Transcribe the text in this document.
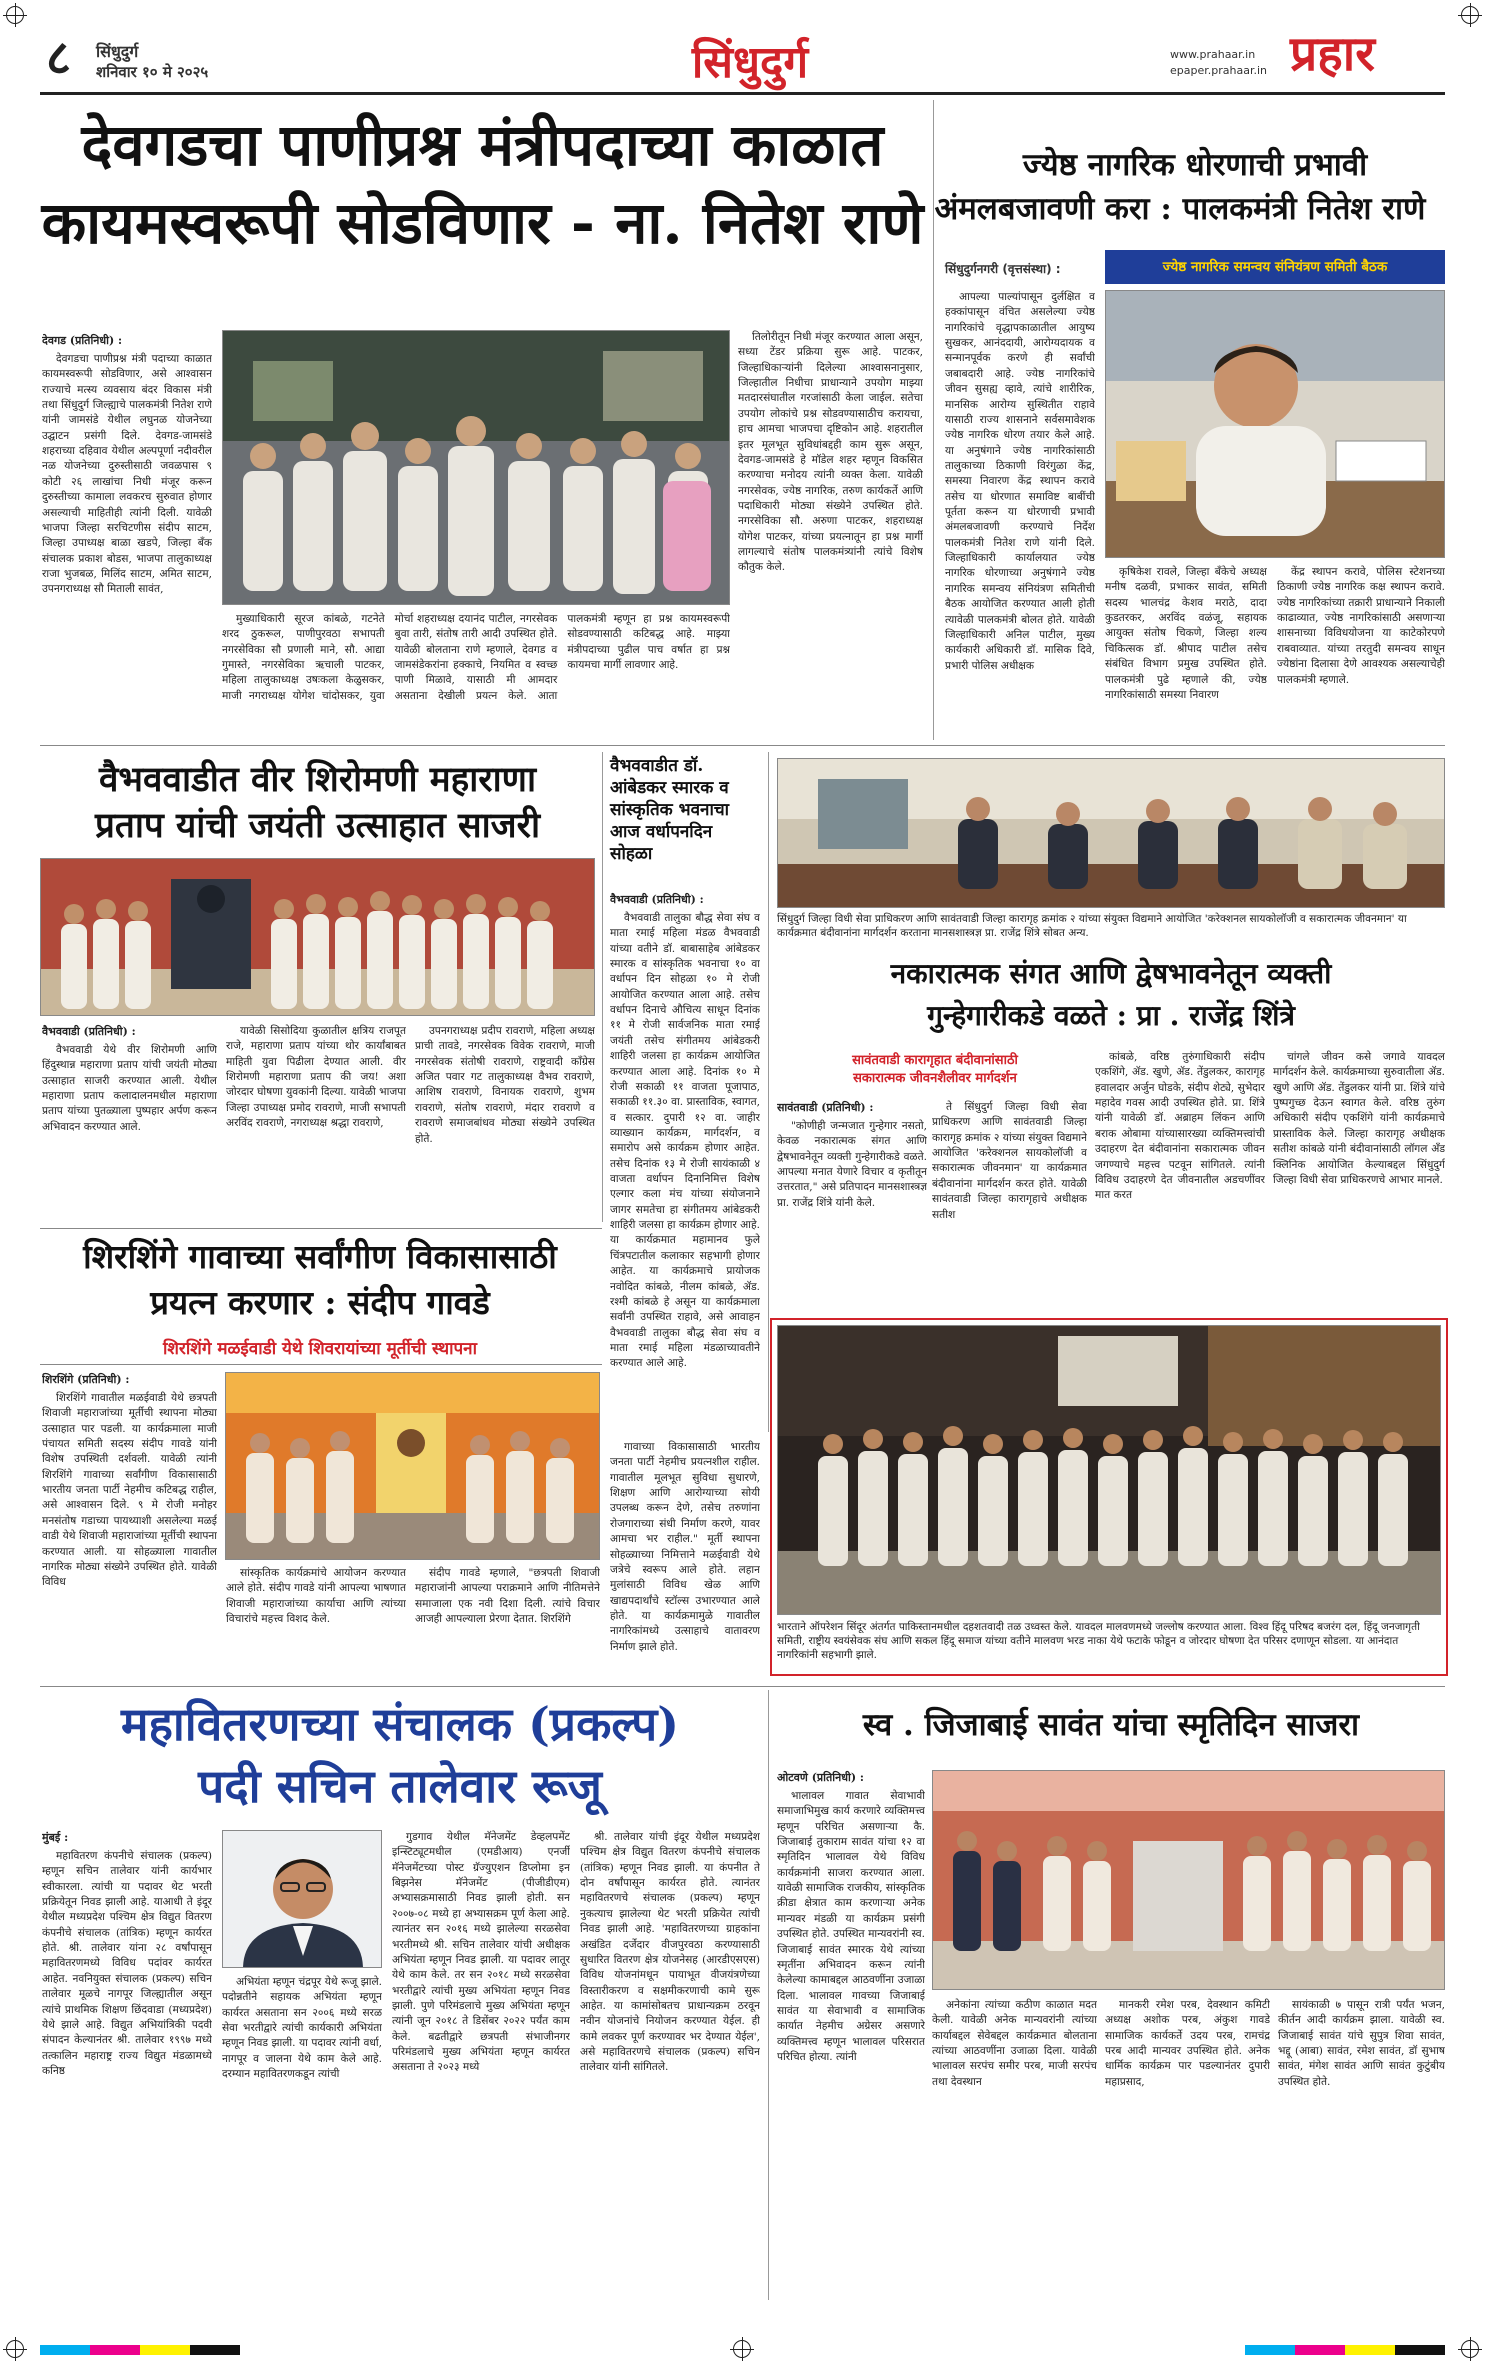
८ सिंधुदुर्ग
शनिवार १० मे २०२५	सिंधुदुर्ग	www.prahaar.in
epaper.prahaar.in प्रहार
देवगडचा पाणीप्रश्न मंत्रीपदाच्या काळात
कायमस्वरूपी सोडविणार - ना. नितेश राणे
देवगड (प्रतिनिधी) :

देवगडचा पाणीप्रश्न मंत्री पदाच्या काळात कायमस्वरूपी सोडविणार, असे आश्वासन राज्याचे मत्स्य व्यवसाय बंदर विकास मंत्री तथा सिंधुदुर्ग जिल्ह्याचे पालकमंत्री नितेश राणे यांनी जामसंडे येथील लघुनळ योजनेच्या उद्घाटन प्रसंगी दिले. देवगड-जामसंडे शहराच्या दहिवाव येथील अल्पपूर्णा नदीवरील नळ योजनेच्या दुरुस्तीसाठी जवळपास ९ कोटी २६ लाखांचा निधी मंजूर करून दुरुस्तीच्या कामाला लवकरच सुरुवात होणार असल्याची माहितीही त्यांनी दिली. यावेळी भाजपा जिल्हा सरचिटणीस संदीप साटम, जिल्हा उपाध्यक्ष बाळा खडपे, जिल्हा बँक संचालक प्रकाश बोडस, भाजपा तालुकाध्यक्ष राजा भुजबळ, मिलिंद साटम, अमित साटम, उपनगराध्यक्ष सौ मिताली सावंत,

मुख्याधिकारी सूरज कांबळे, गटनेते शरद ठुकरूल, पाणीपुरवठा सभापती नगरसेविका सौ प्रणाली माने, सौ. आद्या गुमास्ते, नगरसेविका ऋचाली पाटकर, महिला तालुकाध्यक्ष उषःकला केळुसकर, माजी नगराध्यक्ष योगेश चांदोसकर, युवा मोर्चा शहराध्यक्ष दयानंद पाटील, नगरसेवक बुवा तारी, संतोष तारी आदी उपस्थित होते. यावेळी बोलताना राणे म्हणाले, देवगड व जामसंडेकरांना हक्काचे, नियमित व स्वच्छ पाणी मिळावे, यासाठी मी आमदार असताना देखीली प्रयत्न केले. आता पालकमंत्री म्हणून हा प्रश्न कायमस्वरूपी सोडवण्यासाठी कटिबद्ध आहे. माझ्या मंत्रीपदाच्या पुढील पाच वर्षात हा प्रश्न कायमचा मार्गी लावणार आहे.

तिलोरीतून निधी मंजूर करण्यात आला असून, सध्या टेंडर प्रक्रिया सुरू आहे. पाटकर, जिल्हाधिकाऱ्यांनी दिलेल्या आश्वासनानुसार, जिल्हातील निधीचा प्राधान्याने उपयोग माझ्या मतदारसंघातील गरजांसाठी केला जाईल. सतेचा उपयोग लोकांचे प्रश्न सोडवण्यासाठीच करायचा, हाच आमचा भाजपचा दृष्टिकोन आहे. शहरातील इतर मूलभूत सुविधांबद्दही काम सुरू असून, देवगड-जामसंडे हे मॉडेल शहर म्हणून विकसित करण्याचा मनोदय त्यांनी व्यक्त केला. यावेळी नगरसेवक, ज्येष्ठ नागरिक, तरुण कार्यकर्ते आणि पदाधिकारी मोठ्या संख्येने उपस्थित होते. नगरसेविका सौ. अरुणा पाटकर, शहराध्यक्ष योगेश पाटकर, यांच्या प्रयत्नातून हा प्रश्न मार्गी लागल्याचे संतोष पालकमंत्र्यांनी त्यांचे विशेष कौतुक केले.

ज्येष्ठ नागरिक धोरणाची प्रभावी
अंमलबजावणी करा : पालकमंत्री नितेश राणे
सिंधुदुर्गनगरी (वृत्तसंस्था) :	ज्येष्ठ नागरिक समन्वय संनियंत्रण समिती बैठक

आपल्या पाल्यांपासून दुर्लक्षित व हक्कांपासून वंचित असलेल्या ज्येष्ठ नागरिकांचे वृद्धापकाळातील आयुष्य सुखकर, आनंददायी, आरोग्यदायक व सन्मानपूर्वक करणे ही सर्वांची जबाबदारी आहे. ज्येष्ठ नागरिकांचे जीवन सुसह्य व्हावे, त्यांचे शारीरिक, मानसिक आरोग्य सुस्थितीत राहावे यासाठी राज्य शासनाने सर्वसमावेशक ज्येष्ठ नागरिक धोरण तयार केले आहे. या अनुषंगाने ज्येष्ठ नागरिकांसाठी तालुकाच्या ठिकाणी विरंगुळा केंद्र, समस्या निवारण केंद्र स्थापन करावे तसेच या धोरणात समाविष्ट बाबींची पूर्तता करून या धोरणाची प्रभावी अंमलबजावणी करण्याचे निर्देश पालकमंत्री नितेश राणे यांनी दिले. जिल्हाधिकारी कार्यालयात ज्येष्ठ नागरिक धोरणाच्या अनुषंगाने ज्येष्ठ नागरिक समन्वय संनियंत्रण समितीची बैठक आयोजित करण्यात आली होती त्यावेळी पालकमंत्री बोलत होते. यावेळी जिल्हाधिकारी अनिल पाटील, मुख्य कार्यकारी अधिकारी डॉ. मासिक दिवे, प्रभारी पोलिस अधीक्षक

कृषिकेश रावले, जिल्हा बँकेचे अध्यक्ष मनीष दळवी, प्रभाकर सावंत, समिती सदस्य भालचंद्र केशव मराठे, दादा कुडतरकर, अरविंद वळंजू, सहायक आयुक्त संतोष चिकणे, जिल्हा शल्य चिकित्सक डॉ. श्रीपाद पाटील तसेच संबंधित विभाग प्रमुख उपस्थित होते. पालकमंत्री पुढे म्हणाले की, ज्येष्ठ नागरिकांसाठी समस्या निवारण

केंद्र स्थापन करावे, पोलिस स्टेशनच्या ठिकाणी ज्येष्ठ नागरिक कक्ष स्थापन करावे. ज्येष्ठ नागरिकांच्या तक्रारी प्राधान्याने निकाली काढाव्यात, ज्येष्ठ नागरिकांसाठी असणाऱ्या शासनाच्या विविधयोजना या काटेकोरपणे राबवाव्यात. यांच्या तरतुदी समन्वय साधून ज्येष्ठांना दिलासा देणे आवश्यक असल्याचेही पालकमंत्री म्हणाले.

वैभववाडीत वीर शिरोमणी महाराणा
प्रताप यांची जयंती उत्साहात साजरी
वैभववाडी (प्रतिनिधी) :

वैभववाडी येथे वीर शिरोमणी आणि हिंदुस्थान्न महाराणा प्रताप यांची जयंती मोठ्या उत्साहात साजरी करण्यात आली. येथील महाराणा प्रताप कलादालनमधील महाराणा प्रताप यांच्या पुतळ्याला पुष्पहार अर्पण करून अभिवादन करण्यात आले.

यावेळी सिसोदिया कुळातील क्षत्रिय राजपूत राजे, महाराणा प्रताप यांच्या थोर कार्यांबाबत माहिती युवा पिढीला देण्यात आली. वीर शिरोमणी महाराणा प्रताप की जय! अशा जोरदार घोषणा युवकांनी दिल्या. यावेळी भाजपा जिल्हा उपाध्यक्ष प्रमोद रावराणे, माजी सभापती अरविंद रावराणे, नगराध्यक्ष श्रद्धा रावराणे,

उपनगराध्यक्ष प्रदीप रावराणे, महिला अध्यक्ष प्राची तावडे, नगरसेवक विवेक रावराणे, माजी नगरसेवक संतोषी रावराणे, राष्ट्रवादी काँग्रेस अजित पवार गट तालुकाध्यक्ष वैभव रावराणे, आशिष रावराणे, विनायक रावराणे, शुभम रावराणे, संतोष रावराणे, मंदार रावराणे व रावराणे समाजबांधव मोठ्या संख्येने उपस्थित होते.

वैभववाडीत डॉ. आंबेडकर स्मारक व सांस्कृतिक भवनाचा आज वर्धापनदिन सोहळा
वैभववाडी (प्रतिनिधी) :

वैभववाडी तालुका बौद्ध सेवा संघ व माता रमाई महिला मंडळ वैभववाडी यांच्या वतीने डॉ. बाबासाहेब आंबेडकर स्मारक व सांस्कृतिक भवनाचा १० वा वर्धापन दिन सोहळा १० मे रोजी आयोजित करण्यात आला आहे. तसेच वर्धापन दिनाचे औचित्य साधून दिनांक ११ मे रोजी सार्वजनिक माता रमाई जयंती तसेच संगीतमय आंबेडकरी शाहिरी जलसा हा कार्यक्रम आयोजित करण्यात आला आहे. दिनांक १० मे रोजी सकाळी ११ वाजता पूजापाठ, सकाळी ११.३० वा. प्रास्ताविक, स्वागत, व सत्कार. दुपारी १२ वा. जाहीर व्याख्यान कार्यक्रम, मार्गदर्शन, व समारोप असे कार्यक्रम होणार आहेत. तसेच दिनांक १३ मे रोजी सायंकाळी ४ वाजता वर्धापन दिनानिमित्त विशेष एल्गार कला मंच यांच्या संयोजनाने जागर समतेचा हा संगीतमय आंबेडकरी शाहिरी जलसा हा कार्यक्रम होणार आहे. या कार्यक्रमात महामानव फुले चिंत्रपटातील कलाकार सहभागी होणार आहेत. या कार्यक्रमाचे प्रायोजक नवोदित कांबळे, नीलम कांबळे, ॲड. रश्मी कांबळे हे असून या कार्यक्रमाला सर्वांनी उपस्थित राहावे, असे आवाहन वैभववाडी तालुका बौद्ध सेवा संघ व माता रमाई महिला मंडळाच्यावतीने करण्यात आले आहे.

सिंधुदुर्ग जिल्हा विधी सेवा प्राधिकरण आणि सावंतवाडी जिल्हा कारागृह क्रमांक २ यांच्या संयुक्त विद्यमाने आयोजित 'करेक्शनल सायकोलॉजी व सकारात्मक जीवनमान' या कार्यक्रमात बंदीवानांना मार्गदर्शन करताना मानसशास्त्रज्ञ प्रा. राजेंद्र शिंत्रे सोबत अन्य.
नकारात्मक संगत आणि द्वेषभावनेतून व्यक्ती
गुन्हेगारीकडे वळते : प्रा . राजेंद्र शिंत्रे
सावंतवाडी कारागृहात बंदीवानांसाठी
सकारात्मक जीवनशैलीवर मार्गदर्शन
सावंतवाडी (प्रतिनिधी) :

"कोणीही जन्मजात गुन्हेगार नसतो, केवळ नकारात्मक संगत आणि द्वेषभावनेतून व्यक्ती गुन्हेगारीकडे वळते. आपल्या मनात येणारे विचार व कृतीतून उत्तरतात," असे प्रतिपादन मानसशास्त्रज्ञ प्रा. राजेंद्र शिंत्रे यांनी केले.

ते सिंधुदुर्ग जिल्हा विधी सेवा प्राधिकरण आणि सावंतवाडी जिल्हा कारागृह क्रमांक २ यांच्या संयुक्त विद्यमाने आयोजित 'करेक्शनल सायकोलॉजी व सकारात्मक जीवनमान' या कार्यक्रमात बंदीवानांना मार्गदर्शन करत होते. यावेळी सावंतवाडी जिल्हा कारागृहाचे अधीक्षक सतीश

कांबळे, वरिष्ठ तुरुंगाधिकारी संदीप एकशिंगे, ॲड. खुणे, ॲड. तेंडुलकर, कारागृह हवालदार अर्जुन घोडके, संदीप शेट्ये, सुभेदार महादेव गवस आदी उपस्थित होते. प्रा. शिंत्रे यांनी यावेळी डॉ. अब्राहम लिंकन आणि बराक ओबामा यांच्यासारख्या व्यक्तिमत्त्वांची उदाहरण देत बंदीवानांना सकारात्मक जीवन जगण्याचे महत्त्व पटवून सांगितले. त्यांनी विविध उदाहरणे देत जीवनातील अडचणींवर मात करत

चांगले जीवन कसे जगावे यावदल मार्गदर्शन केले. कार्यक्रमाच्या सुरुवातीला ॲड. खुणे आणि ॲड. तेंडुलकर यांनी प्रा. शिंत्रे यांचे पुष्पगुच्छ देऊन स्वागत केले. वरिष्ठ तुरुंग अधिकारी संदीप एकशिंगे यांनी कार्यक्रमाचे प्रास्ताविक केले. जिल्हा कारागृह अधीक्षक सतीश कांबळे यांनी बंदीवानांसाठी लॉगल अँड क्लिनिक आयोजित केल्याबद्दल सिंधुदुर्ग जिल्हा विधी सेवा प्राधिकरणचे आभार मानले.

शिरशिंगे गावाच्या सर्वांगीण विकासासाठी
प्रयत्न करणार : संदीप गावडे
शिरशिंगे मळईवाडी येथे शिवरायांच्या मूर्तीची स्थापना
शिरशिंगे (प्रतिनिधी) :

शिरशिंगे गावातील मळईवाडी येथे छत्रपती शिवाजी महाराजांच्या मूर्तीची स्थापना मोठ्या उत्साहात पार पडली. या कार्यक्रमाला माजी पंचायत समिती सदस्य संदीप गावडे यांनी विशेष उपस्थिती दर्शवली. यावेळी त्यांनी शिरशिंगे गावाच्या सर्वांगीण विकासासाठी भारतीय जनता पार्टी नेहमीच कटिबद्ध राहील, असे आश्वासन दिले. ९ मे रोजी मनोहर मनसंतोष गडाच्या पायथ्याशी असलेल्या मळई वाडी येथे शिवाजी महाराजांच्या मूर्तीची स्थापना करण्यात आली. या सोहळ्याला गावातील नागरिक मोठ्या संख्येने उपस्थित होते. यावेळी विविध

सांस्कृतिक कार्यक्रमांचे आयोजन करण्यात आले होते. संदीप गावडे यांनी आपल्या भाषणात शिवाजी महाराजांच्या कार्याचा आणि त्यांच्या विचारांचे महत्त्व विशद केले.

संदीप गावडे म्हणाले, "छत्रपती शिवाजी महाराजांनी आपल्या पराक्रमाने आणि नीतिमत्तेने समाजाला एक नवी दिशा दिली. त्यांचे विचार आजही आपल्याला प्रेरणा देतात. शिरशिंगे

गावाच्या विकासासाठी भारतीय जनता पार्टी नेहमीच प्रयत्नशील राहील. गावातील मूलभूत सुविधा सुधारणे, शिक्षण आणि आरोग्याच्या सोयी उपलब्ध करून देणे, तसेच तरुणांना रोजगाराच्या संधी निर्माण करणे, यावर आमचा भर राहील." मूर्ती स्थापना सोहळ्याच्या निमित्ताने मळईवाडी येथे जत्रेचे स्वरूप आले होते. लहान मुलांसाठी विविध खेळ आणि खाद्यपदार्थांचे स्टॉल्स उभारण्यात आले होते. या कार्यक्रमामुळे गावातील नागरिकांमध्ये उत्साहाचे वातावरण निर्माण झाले होते.

भारताने ऑपरेशन सिंदूर अंतर्गत पाकिस्तानमधील दहशतवादी तळ उध्वस्त केले. यावदल मालवणमध्ये जल्लोष करण्यात आला. विश्व हिंदू परिषद बजरंग दल, हिंदू जनजागृती समिती, राष्ट्रीय स्वयंसेवक संघ आणि सकल हिंदू समाज यांच्या वतीने मालवण भरड नाका येथे फटाके फोडून व जोरदार घोषणा देत परिसर दणाणून सोडला. या आनंदात नागरिकांनी सहभागी झाले.
महावितरणच्या संचालक (प्रकल्प)
पदी सचिन तालेवार रूजू
मुंबई :

महावितरण कंपनीचे संचालक (प्रकल्प) म्हणून सचिन तालेवार यांनी कार्यभार स्वीकारला. त्यांची या पदावर थेट भरती प्रक्रियेतून निवड झाली आहे. याआधी ते इंदूर येथील मध्यप्रदेश पश्चिम क्षेत्र विद्युत वितरण कंपनीचे संचालक (तांत्रिक) म्हणून कार्यरत होते. श्री. तालेवार यांना २८ वर्षांपासून महावितरणमध्ये विविध पदांवर कार्यरत आहेत. नवनियुक्त संचालक (प्रकल्प) सचिन तालेवार मूळचे नागपूर जिल्ह्यातील असून त्यांचे प्राथमिक शिक्षण छिंदवाडा (मध्यप्रदेश) येथे झाले आहे. विद्युत अभियांत्रिकी पदवी संपादन केल्यानंतर श्री. तालेवार १९९७ मध्ये तत्कालिन महाराष्ट्र राज्य विद्युत मंडळामध्ये कनिष्ठ

अभियंता म्हणून चंद्रपूर येथे रूजू झाले. पदोन्नतीने सहायक अभियंता म्हणून कार्यरत असताना सन २००६ मध्ये सरळ सेवा भरतीद्वारे त्यांची कार्यकारी अभियंता म्हणून निवड झाली. या पदावर त्यांनी वर्धा, नागपूर व जालना येथे काम केले आहे. दरम्यान महावितरणकडून त्यांची

गुडगाव येथील मॅनेजमेंट डेव्हलपमेंट इन्स्टिट्यूटमधील (एमडीआय) एनर्जी मॅनेजमेंटच्या पोस्ट ग्रॅज्युएशन डिप्लोमा इन बिझनेस मॅनेजमेंट (पीजीडीएम) अभ्यासक्रमासाठी निवड झाली होती. सन २००७-०८ मध्ये हा अभ्यासक्रम पूर्ण केला आहे. त्यानंतर सन २०१६ मध्ये झालेल्या सरळसेवा भरतीमध्ये श्री. सचिन तालेवार यांची अधीक्षक अभियंता म्हणून निवड झाली. या पदावर लातूर येथे काम केले. तर सन २०१८ मध्ये सरळसेवा भरतीद्वारे त्यांची मुख्य अभियंता म्हणून निवड झाली. पुणे परिमंडलाचे मुख्य अभियंता म्हणून त्यांनी जून २०१८ ते डिसेंबर २०२२ पर्यंत काम केले. बढतीद्वारे छत्रपती संभाजीनगर परिमंडलाचे मुख्य अभियंता म्हणून कार्यरत असताना ते २०२३ मध्ये

श्री. तालेवार यांची इंदूर येथील मध्यप्रदेश पश्चिम क्षेत्र विद्युत वितरण कंपनीचे संचालक (तांत्रिक) म्हणून निवड झाली. या कंपनीत ते दोन वर्षांपासून कार्यरत होते. त्यानंतर महावितरणचे संचालक (प्रकल्प) म्हणून नुकत्याच झालेल्या थेट भरती प्रक्रियेत त्यांची निवड झाली आहे. 'महावितरणच्या ग्राहकांना अखंडित दर्जेदार वीजपुरवठा करण्यासाठी सुधारित वितरण क्षेत्र योजनेसह (आरडीएसएस) विविध योजनांमधून पायाभूत वीजयंत्रणेच्या विस्तारीकरण व सक्षमीकरणाची कामे सुरू आहेत. या कामांसोबतच प्राधान्यक्रम ठरवून नवीन योजनांचे नियोजन करण्यात येईल. ही कामे लवकर पूर्ण करण्यावर भर देण्यात येईल', असे महावितरणचे संचालक (प्रकल्प) सचिन तालेवार यांनी सांगितले.

स्व . जिजाबाई सावंत यांचा स्मृतिदिन साजरा
ओटवणे (प्रतिनिधी) :

भालावल गावात सेवाभावी समाजाभिमुख कार्य करणारे व्यक्तिमत्त्व म्हणून परिचित असणाऱ्या कै. जिजाबाई तुकाराम सावंत यांचा १२ वा स्मृतिदिन भालावल येथे विविध कार्यक्रमांनी साजरा करण्यात आला. यावेळी सामाजिक राजकीय, सांस्कृतिक क्रीडा क्षेत्रात काम करणाऱ्या अनेक मान्यवर मंडळी या कार्यक्रम प्रसंगी उपस्थित होते. उपस्थित मान्यवरांनी स्व. जिजाबाई सावंत स्मारक येथे त्यांच्या स्मृतींना अभिवादन करून त्यांनी केलेल्या कामाबद्दल आठवणींना उजाळा दिला. भालावल गावच्या जिजाबाई सावंत या सेवाभावी व सामाजिक कार्यात नेहमीच अग्रेसर असणारे व्यक्तिमत्त्व म्हणून भालावल परिसरात परिचित होत्या. त्यांनी

अनेकांना त्यांच्या कठीण काळात मदत केली. यावेळी अनेक मान्यवरांनी त्यांच्या कार्याबद्दल सेवेबद्दल कार्यक्रमात बोलताना त्यांच्या आठवणींना उजाळा दिला. यावेळी भालावल सरपंच समीर परब, माजी सरपंच तथा देवस्थान

मानकरी रमेश परब, देवस्थान कमिटी अध्यक्ष अशोक परब, अंकुश गावडे सामाजिक कार्यकर्ते उदय परब, रामचंद्र परब आदी मान्यवर उपस्थित होते. अनेक धार्मिक कार्यक्रम पार पडल्यानंतर दुपारी महाप्रसाद,

सायंकाळी ७ पासून रात्री पर्यंत भजन, कीर्तन आदी कार्यक्रम झाला. यावेळी स्व. जिजाबाई सावंत यांचे सुपुत्र शिवा सावंत, भद्दू (आबा) सावंत, रमेश सावंत, डॉ सुभाष सावंत, मंगेश सावंत आणि सावंत कुटुंबीय उपस्थित होते.
